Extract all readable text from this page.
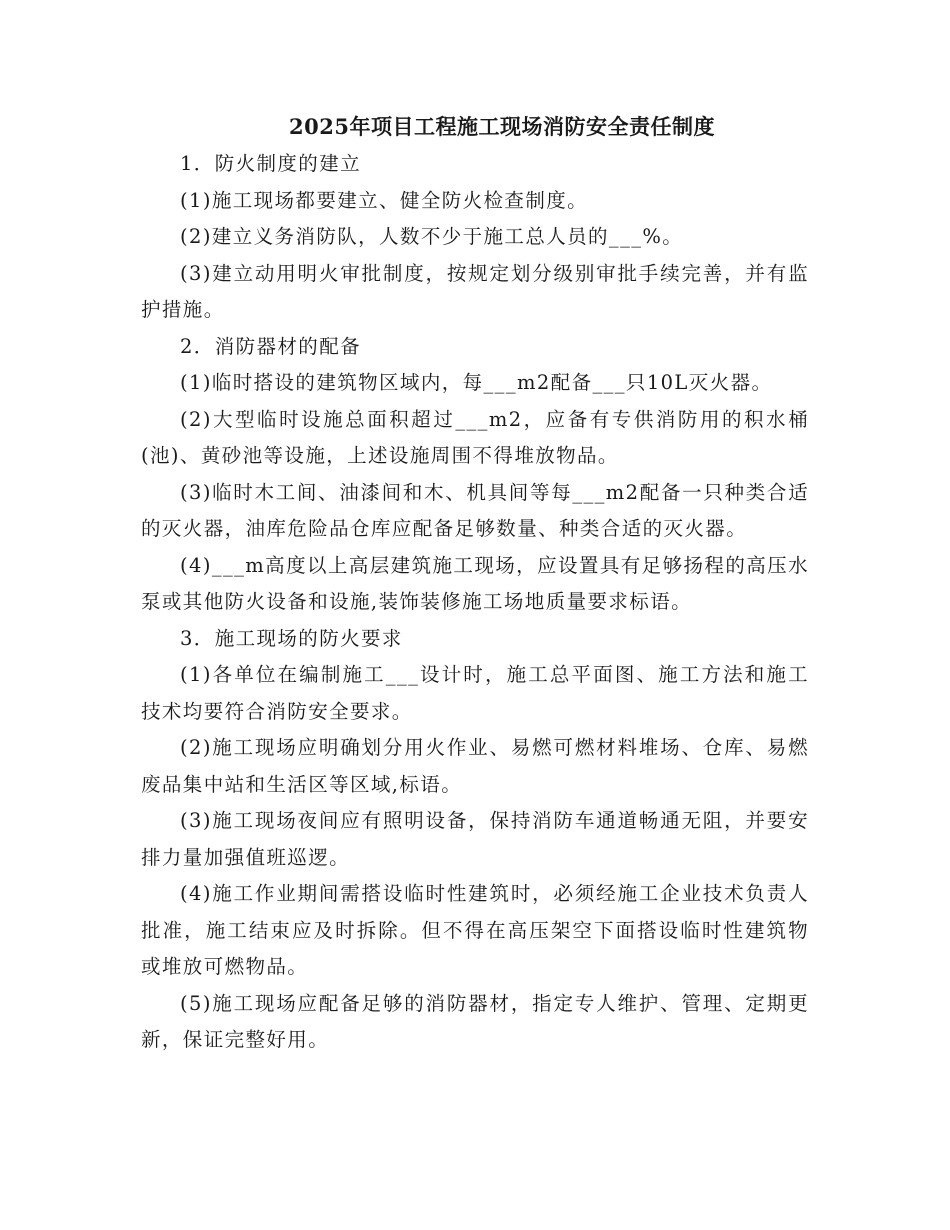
2025年项目工程施工现场消防安全责任制度

1．防火制度的建立

(1)施工现场都要建立、健全防火检查制度。

(2)建立义务消防队，人数不少于施工总人员的___%。

(3)建立动用明火审批制度，按规定划分级别审批手续完善，并有监护措施。

2．消防器材的配备

(1)临时搭设的建筑物区域内，每___m2配备___只10L灭火器。

(2)大型临时设施总面积超过___m2，应备有专供消防用的积水桶(池)、黄砂池等设施，上述设施周围不得堆放物品。

(3)临时木工间、油漆间和木、机具间等每___m2配备一只种类合适的灭火器，油库危险品仓库应配备足够数量、种类合适的灭火器。

(4)___m高度以上高层建筑施工现场，应设置具有足够扬程的高压水泵或其他防火设备和设施,装饰装修施工场地质量要求标语。

3．施工现场的防火要求

(1)各单位在编制施工___设计时，施工总平面图、施工方法和施工技术均要符合消防安全要求。

(2)施工现场应明确划分用火作业、易燃可燃材料堆场、仓库、易燃废品集中站和生活区等区域,标语。

(3)施工现场夜间应有照明设备，保持消防车通道畅通无阻，并要安排力量加强值班巡逻。

(4)施工作业期间需搭设临时性建筑时，必须经施工企业技术负责人批准，施工结束应及时拆除。但不得在高压架空下面搭设临时性建筑物或堆放可燃物品。

(5)施工现场应配备足够的消防器材，指定专人维护、管理、定期更新，保证完整好用。
